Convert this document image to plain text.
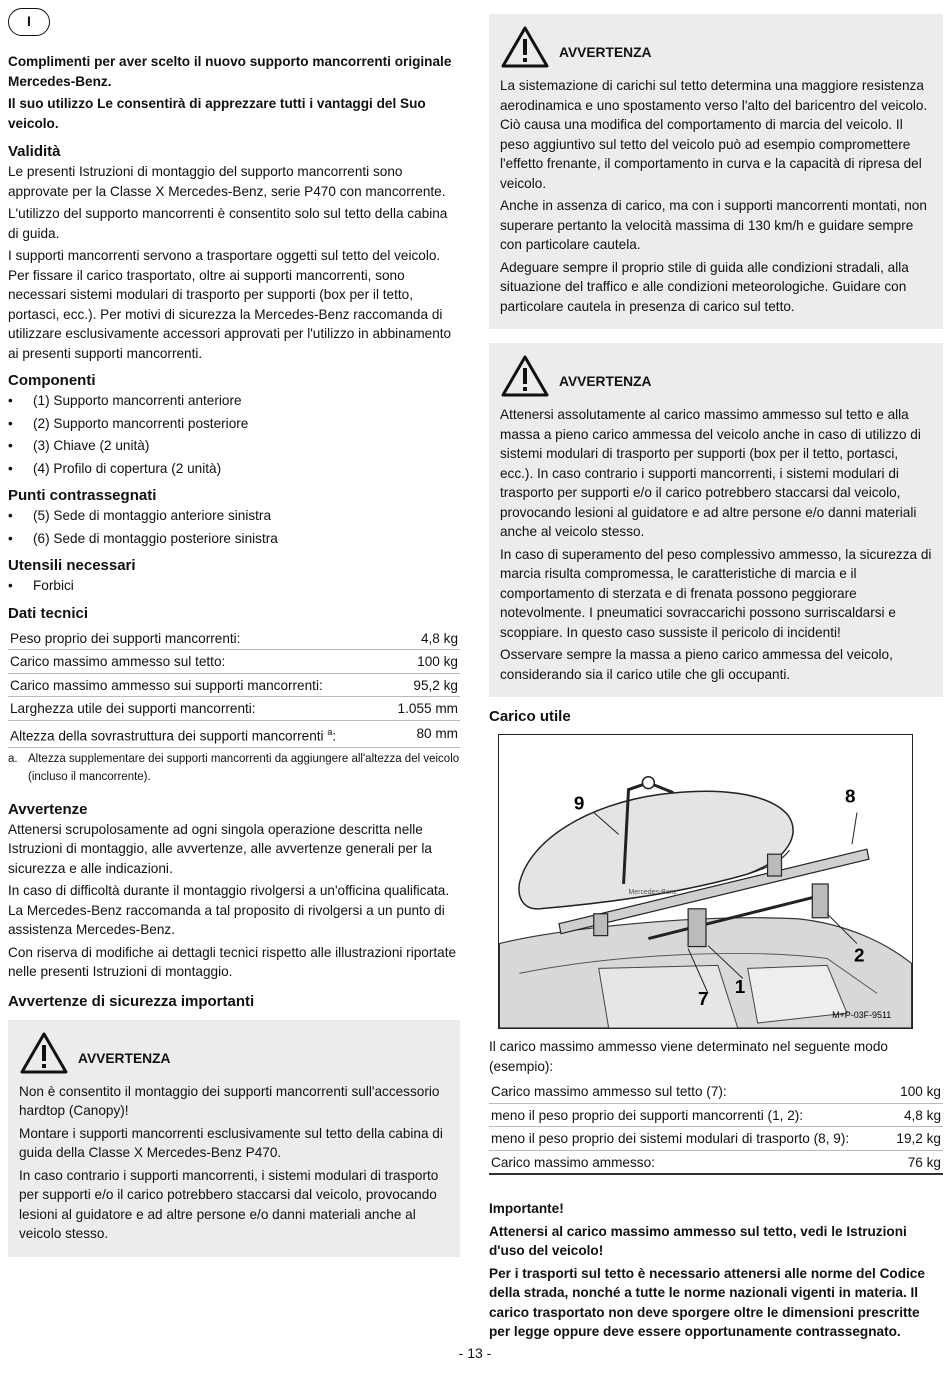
I

Complimenti per aver scelto il nuovo supporto mancorrenti originale Mercedes-Benz.

Il suo utilizzo Le consentirà di apprezzare tutti i vantaggi del Suo veicolo.

Validità

Le presenti Istruzioni di montaggio del supporto mancorrenti sono approvate per la Classe X Mercedes-Benz, serie P470 con mancorrente.

L'utilizzo del supporto mancorrenti è consentito solo sul tetto della cabina di guida.

I supporti mancorrenti servono a trasportare oggetti sul tetto del veicolo. Per fissare il carico trasportato, oltre ai supporti mancorrenti, sono necessari sistemi modulari di trasporto per supporti (box per il tetto, portasci, ecc.). Per motivi di sicurezza la Mercedes-Benz raccomanda di utilizzare esclusivamente accessori approvati per l'utilizzo in abbinamento ai presenti supporti mancorrenti.

Componenti
• (1) Supporto mancorrenti anteriore
• (2) Supporto mancorrenti posteriore
• (3) Chiave (2 unità)
• (4) Profilo di copertura (2 unità)
Punti contrassegnati
• (5) Sede di montaggio anteriore sinistra
• (6) Sede di montaggio posteriore sinistra
Utensili necessari
• Forbici
Dati tecnici
Peso proprio dei supporti mancorrenti:	4,8 kg
Carico massimo ammesso sul tetto:	100 kg
Carico massimo ammesso sui supporti mancorrenti:	95,2 kg
Larghezza utile dei supporti mancorrenti:	1.055 mm
Altezza della sovrastruttura dei supporti mancorrenti $^a$:	80 mm
a. Altezza supplementare dei supporti mancorrenti da aggiungere all'altezza del veicolo (incluso il mancorrente).
Avvertenze

Attenersi scrupolosamente ad ogni singola operazione descritta nelle Istruzioni di montaggio, alle avvertenze, alle avvertenze generali per la sicurezza e alle indicazioni.

In caso di difficoltà durante il montaggio rivolgersi a un'officina qualificata. La Mercedes-Benz raccomanda a tal proposito di rivolgersi a un punto di assistenza Mercedes-Benz.

Con riserva di modifiche ai dettagli tecnici rispetto alle illustrazioni riportate nelle presenti Istruzioni di montaggio.

Avvertenze di sicurezza importanti
AVVERTENZA

Non è consentito il montaggio dei supporti mancorrenti sull'accessorio hardtop (Canopy)!

Montare i supporti mancorrenti esclusivamente sul tetto della cabina di guida della Classe X Mercedes-Benz P470.

In caso contrario i supporti mancorrenti, i sistemi modulari di trasporto per supporti e/o il carico potrebbero staccarsi dal veicolo, provocando lesioni al guidatore e ad altre persone e/o danni materiali anche al veicolo stesso.

AVVERTENZA

La sistemazione di carichi sul tetto determina una maggiore resistenza aerodinamica e uno spostamento verso l'alto del baricentro del veicolo. Ciò causa una modifica del comportamento di marcia del veicolo. Il peso aggiuntivo sul tetto del veicolo può ad esempio compromettere l'effetto frenante, il comportamento in curva e la capacità di ripresa del veicolo.

Anche in assenza di carico, ma con i supporti mancorrenti montati, non superare pertanto la velocità massima di 130 km/h e guidare sempre con particolare cautela.

Adeguare sempre il proprio stile di guida alle condizioni stradali, alla situazione del traffico e alle condizioni meteorologiche. Guidare con particolare cautela in presenza di carico sul tetto.

AVVERTENZA

Attenersi assolutamente al carico massimo ammesso sul tetto e alla massa a pieno carico ammessa del veicolo anche in caso di utilizzo di sistemi modulari di trasporto per supporti (box per il tetto, portasci, ecc.). In caso contrario i supporti mancorrenti, i sistemi modulari di trasporto per supporti e/o il carico potrebbero staccarsi dal veicolo, provocando lesioni al guidatore e ad altre persone e/o danni materiali anche al veicolo stesso.

In caso di superamento del peso complessivo ammesso, la sicurezza di marcia risulta compromessa, le caratteristiche di marcia e il comportamento di sterzata e di frenata possono peggiorare notevolmente. I pneumatici sovraccarichi possono surriscaldarsi e scoppiare. In questo caso sussiste il pericolo di incidenti!

Osservare sempre la massa a pieno carico ammessa del veicolo, considerando sia il carico utile che gli occupanti.

Carico utile
9	8
2
1
7
Mercedes-Benz
M+P-03F-9511

Il carico massimo ammesso viene determinato nel seguente modo (esempio):

Carico massimo ammesso sul tetto (7):	100 kg
meno il peso proprio dei supporti mancorrenti (1, 2):	4,8 kg
meno il peso proprio dei sistemi modulari di trasporto (8, 9):	19,2 kg
Carico massimo ammesso:	76 kg

Importante!

Attenersi al carico massimo ammesso sul tetto, vedi le Istruzioni d'uso del veicolo!

Per i trasporti sul tetto è necessario attenersi alle norme del Codice della strada, nonché a tutte le norme nazionali vigenti in materia. Il carico trasportato non deve sporgere oltre le dimensioni prescritte per legge oppure deve essere opportunamente contrassegnato.

- 13 -
